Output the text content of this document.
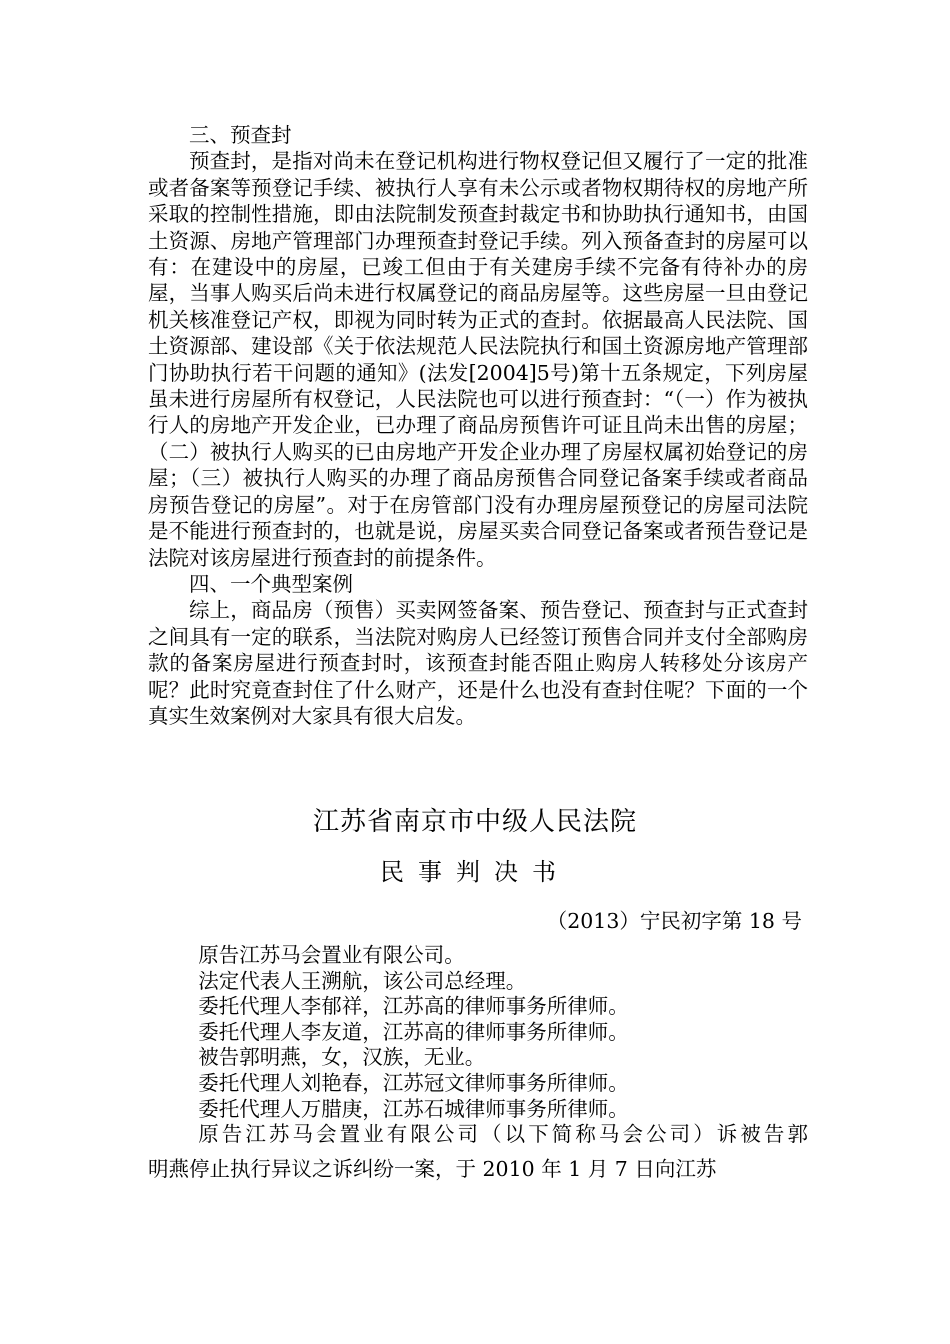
三、预查封

预查封，是指对尚未在登记机构进行物权登记但又履行了一定的批准或者备案等预登记手续、被执行人享有未公示或者物权期待权的房地产所采取的控制性措施，即由法院制发预查封裁定书和协助执行通知书，由国土资源、房地产管理部门办理预查封登记手续。列入预备查封的房屋可以有：在建设中的房屋，已竣工但由于有关建房手续不完备有待补办的房屋，当事人购买后尚未进行权属登记的商品房屋等。这些房屋一旦由登记机关核准登记产权，即视为同时转为正式的查封。依据最高人民法院、国土资源部、建设部《关于依法规范人民法院执行和国土资源房地产管理部门协助执行若干问题的通知》(法发[2004]5号)第十五条规定，下列房屋虽未进行房屋所有权登记，人民法院也可以进行预查封：“（一）作为被执行人的房地产开发企业，已办理了商品房预售许可证且尚未出售的房屋；（二）被执行人购买的已由房地产开发企业办理了房屋权属初始登记的房屋；（三）被执行人购买的办理了商品房预售合同登记备案手续或者商品房预告登记的房屋”。对于在房管部门没有办理房屋预登记的房屋司法院是不能进行预查封的，也就是说，房屋买卖合同登记备案或者预告登记是法院对该房屋进行预查封的前提条件。

四、一个典型案例

综上，商品房（预售）买卖网签备案、预告登记、预查封与正式查封之间具有一定的联系，当法院对购房人已经签订预售合同并支付全部购房款的备案房屋进行预查封时，该预查封能否阻止购房人转移处分该房产呢？此时究竟查封住了什么财产，还是什么也没有查封住呢？下面的一个真实生效案例对大家具有很大启发。

江苏省南京市中级人民法院
民事判决书
（2013）宁民初字第 18 号

原告江苏马会置业有限公司。

法定代表人王溯航，该公司总经理。

委托代理人李郁祥，江苏高的律师事务所律师。

委托代理人李友道，江苏高的律师事务所律师。

被告郭明燕，女，汉族，无业。

委托代理人刘艳春，江苏冠文律师事务所律师。

委托代理人万腊庚，江苏石城律师事务所律师。

原告江苏马会置业有限公司（以下简称马会公司）诉被告郭

明燕停止执行异议之诉纠纷一案，于 2010 年 1 月 7 日向江苏
